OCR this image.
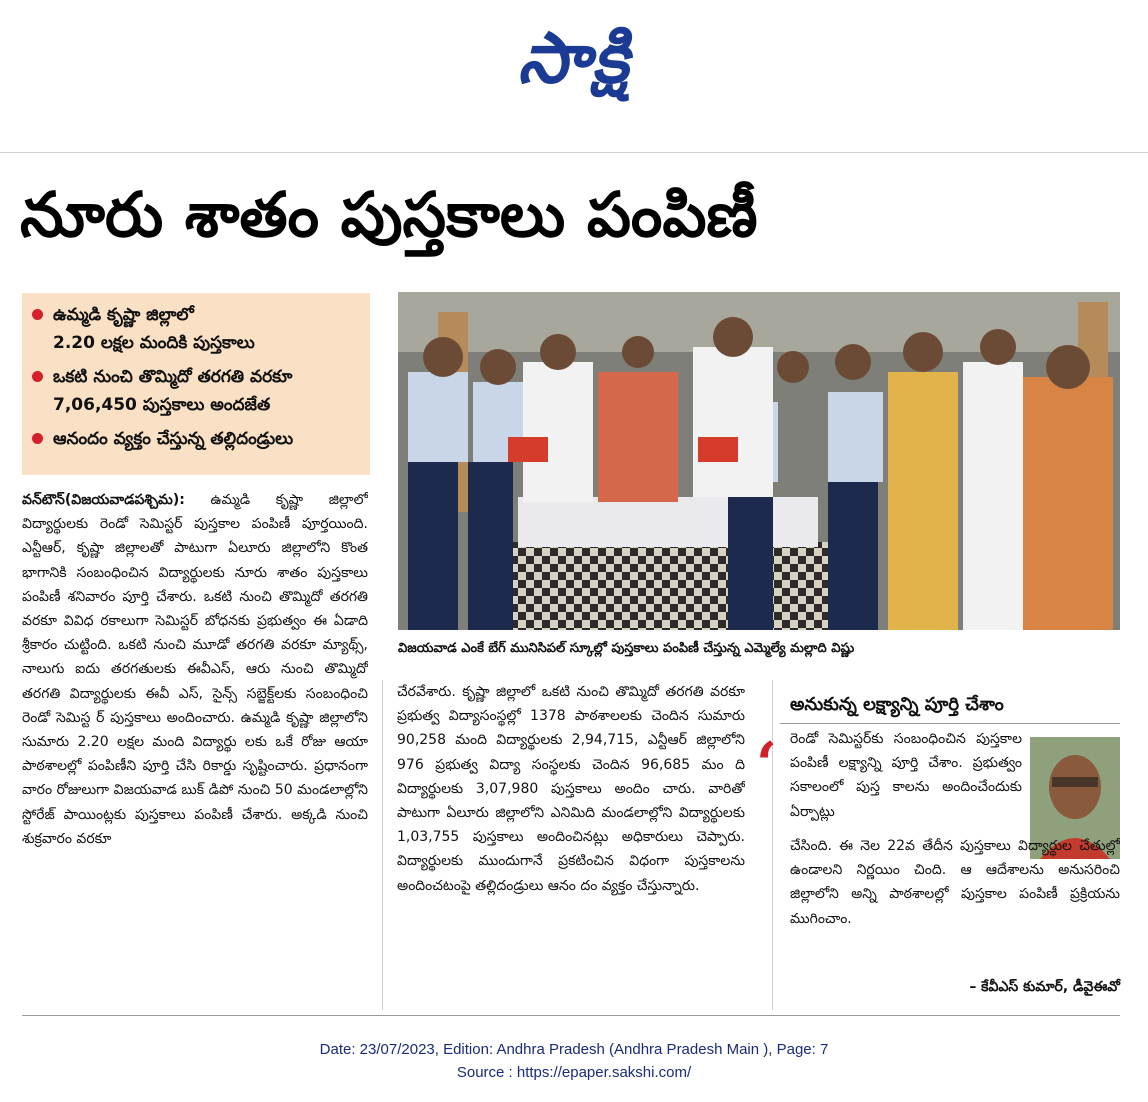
సాక్షి
నూరు శాతం పుస్తకాలు పంపిణీ
ఉమ్మడి కృష్ణా జిల్లాలో
2.20 లక్షల మందికి పుస్తకాలు
ఒకటి నుంచి తొమ్మిదో తరగతి వరకూ
7,06,450 పుస్తకాలు అందజేత
ఆనందం వ్యక్తం చేస్తున్న తల్లిదండ్రులు
విజయవాడ ఎంకే బేగ్ మునిసిపల్ స్కూల్లో పుస్తకాలు పంపిణీ చేస్తున్న ఎమ్మెల్యే మల్లాది విష్ణు
వన్‌టౌన్(విజయవాడపశ్చిమ): ఉమ్మడి కృష్ణా జిల్లాలో విద్యార్థులకు రెండో సెమిస్టర్ పుస్తకాల పంపిణీ పూర్తయింది. ఎన్టీఆర్, కృష్ణా జిల్లాలతో పాటుగా ఏలూరు జిల్లాలోని కొంత భాగానికి సంబంధించిన విద్యార్థులకు నూరు శాతం పుస్తకాలు పంపిణీ శనివారం పూర్తి చేశారు. ఒకటి నుంచి తొమ్మిదో తరగతి వరకూ వివిధ రకాలుగా సెమిస్టర్ బోధనకు ప్రభుత్వం ఈ ఏడాది శ్రీకారం చుట్టింది. ఒకటి నుంచి మూడో తరగతి వరకూ మ్యాథ్స్, నాలుగు ఐదు తరగతులకు ఈవీఎస్, ఆరు నుంచి తొమ్మిదో తరగతి విద్యార్థులకు ఈవీ ఎస్, సైన్స్ సబ్జెక్ట్‌లకు సంబంధించి రెండో సెమిస్ట ర్ పుస్తకాలు అందించారు. ఉమ్మడి కృష్ణా జిల్లాలోని సుమారు 2.20 లక్షల మంది విద్యార్థు లకు ఒకే రోజు ఆయా పాఠశాలల్లో పంపిణీని పూర్తి చేసి రికార్డు సృష్టించారు. ప్రధానంగా వారం రోజులుగా విజయవాడ బుక్ డిపో నుంచి 50 మండలాల్లోని స్టోరేజ్ పాయింట్లకు పుస్తకాలు పంపిణీ చేశారు. అక్కడి నుంచి శుక్రవారం వరకూ
చేరవేశారు. కృష్ణా జిల్లాలో ఒకటి నుంచి తొమ్మిదో తరగతి వరకూ ప్రభుత్వ విద్యాసంస్థల్లో 1378 పాఠశాలలకు చెందిన సుమారు 90,258 మంది విద్యార్థులకు 2,94,715, ఎన్టీఆర్ జిల్లాలోని 976 ప్రభుత్వ విద్యా సంస్థలకు చెందిన 96,685 మం ది విద్యార్థులకు 3,07,980 పుస్తకాలు అందిం చారు. వారితో పాటుగా ఏలూరు జిల్లాలోని ఎనిమిది మండలాల్లోని విద్యార్థులకు 1,03,755 పుస్తకాలు అందించినట్లు అధికారులు చెప్పారు. విద్యార్థులకు ముందుగానే ప్రకటించిన విధంగా పుస్తకాలను అందించటంపై తల్లిదండ్రులు ఆనం దం వ్యక్తం చేస్తున్నారు.
అనుకున్న లక్ష్యాన్ని పూర్తి చేశాం
‘ రెండో సెమిస్టర్‌కు సంబంధించిన పుస్తకాల పంపిణీ లక్ష్యాన్ని పూర్తి చేశాం. ప్రభుత్వం సకాలంలో పుస్త కాలను అందించేందుకు ఏర్పాట్లు
చేసింది. ఈ నెల 22వ తేదీన పుస్తకాలు విద్యార్థుల చేతుల్లో ఉండాలని నిర్ణయిం చింది. ఆ ఆదేశాలను అనుసరించి జిల్లాలోని అన్ని పాఠశాలల్లో పుస్తకాల పంపిణీ ప్రక్రియను ముగించాం.
– కేవీఎస్ కుమార్, డీవైఈవో
Date: 23/07/2023, Edition: Andhra Pradesh (Andhra Pradesh Main ), Page: 7
Source : https://epaper.sakshi.com/
